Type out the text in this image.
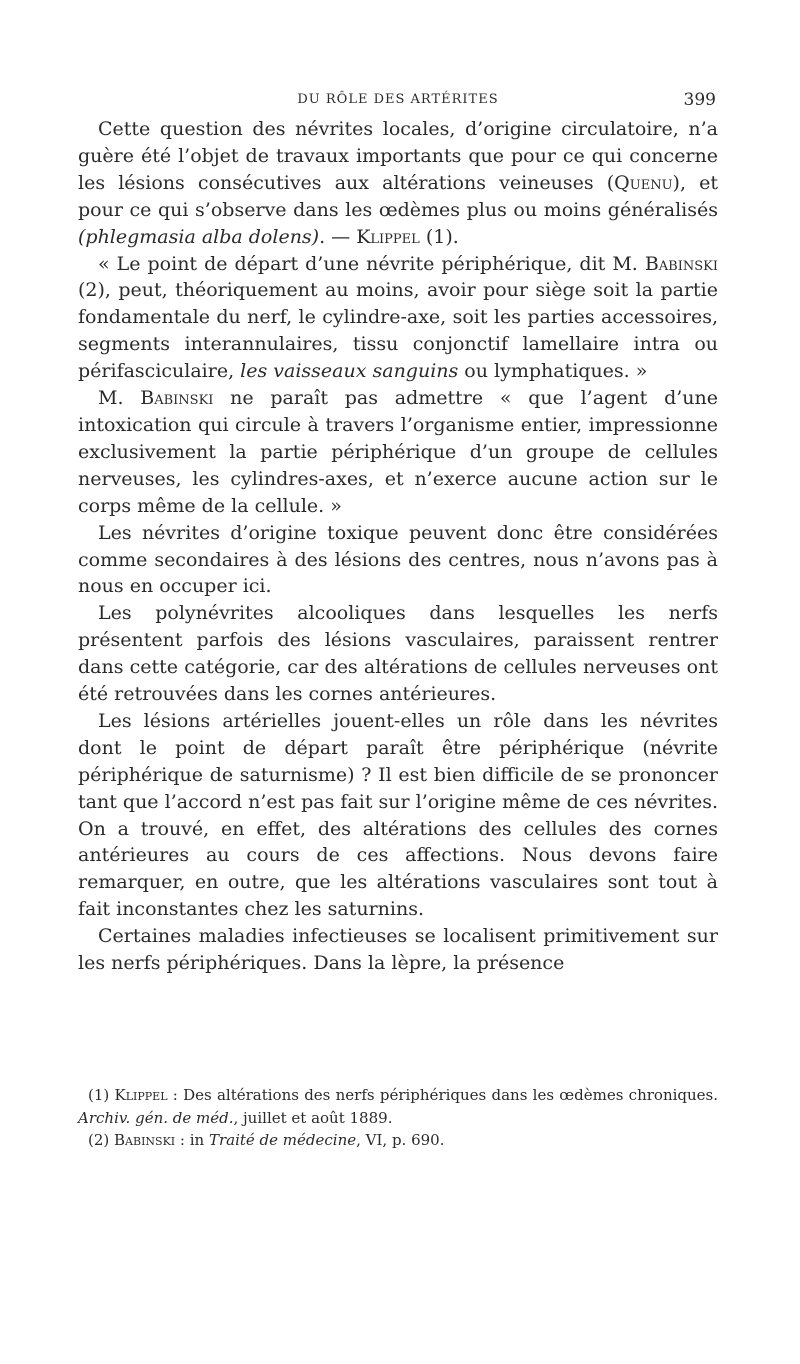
DU RÔLE DES ARTÉRITES	399

Cette question des névrites locales, d’origine circulatoire, n’a guère été l’objet de travaux importants que pour ce qui concerne les lésions consécutives aux altérations veineuses (Quenu), et pour ce qui s’observe dans les œdèmes plus ou moins généralisés (phlegmasia alba dolens). — Klippel (1).

« Le point de départ d’une névrite périphérique, dit M. Babinski (2), peut, théoriquement au moins, avoir pour siège soit la partie fondamentale du nerf, le cylindre-axe, soit les parties accessoires, segments interannulaires, tissu conjonctif lamellaire intra ou périfasciculaire, les vaisseaux sanguins ou lymphatiques. »

M. Babinski ne paraît pas admettre « que l’agent d’une intoxication qui circule à travers l’organisme entier, impressionne exclusivement la partie périphérique d’un groupe de cellules nerveuses, les cylindres-axes, et n’exerce aucune action sur le corps même de la cellule. »

Les névrites d’origine toxique peuvent donc être considérées comme secondaires à des lésions des centres, nous n’avons pas à nous en occuper ici.

Les polynévrites alcooliques dans lesquelles les nerfs présentent parfois des lésions vasculaires, paraissent rentrer dans cette catégorie, car des altérations de cellules nerveuses ont été retrouvées dans les cornes antérieures.

Les lésions artérielles jouent-elles un rôle dans les névrites dont le point de départ paraît être périphérique (névrite périphérique de saturnisme) ? Il est bien difficile de se prononcer tant que l’accord n’est pas fait sur l’origine même de ces névrites. On a trouvé, en effet, des altérations des cellules des cornes antérieures au cours de ces affections. Nous devons faire remarquer, en outre, que les altérations vasculaires sont tout à fait inconstantes chez les saturnins.

Certaines maladies infectieuses se localisent primitivement sur les nerfs périphériques. Dans la lèpre, la présence

(1) Klippel : Des altérations des nerfs périphériques dans les œdèmes chroniques. Archiv. gén. de méd., juillet et août 1889.

(2) Babinski : in Traité de médecine, VI, p. 690.
